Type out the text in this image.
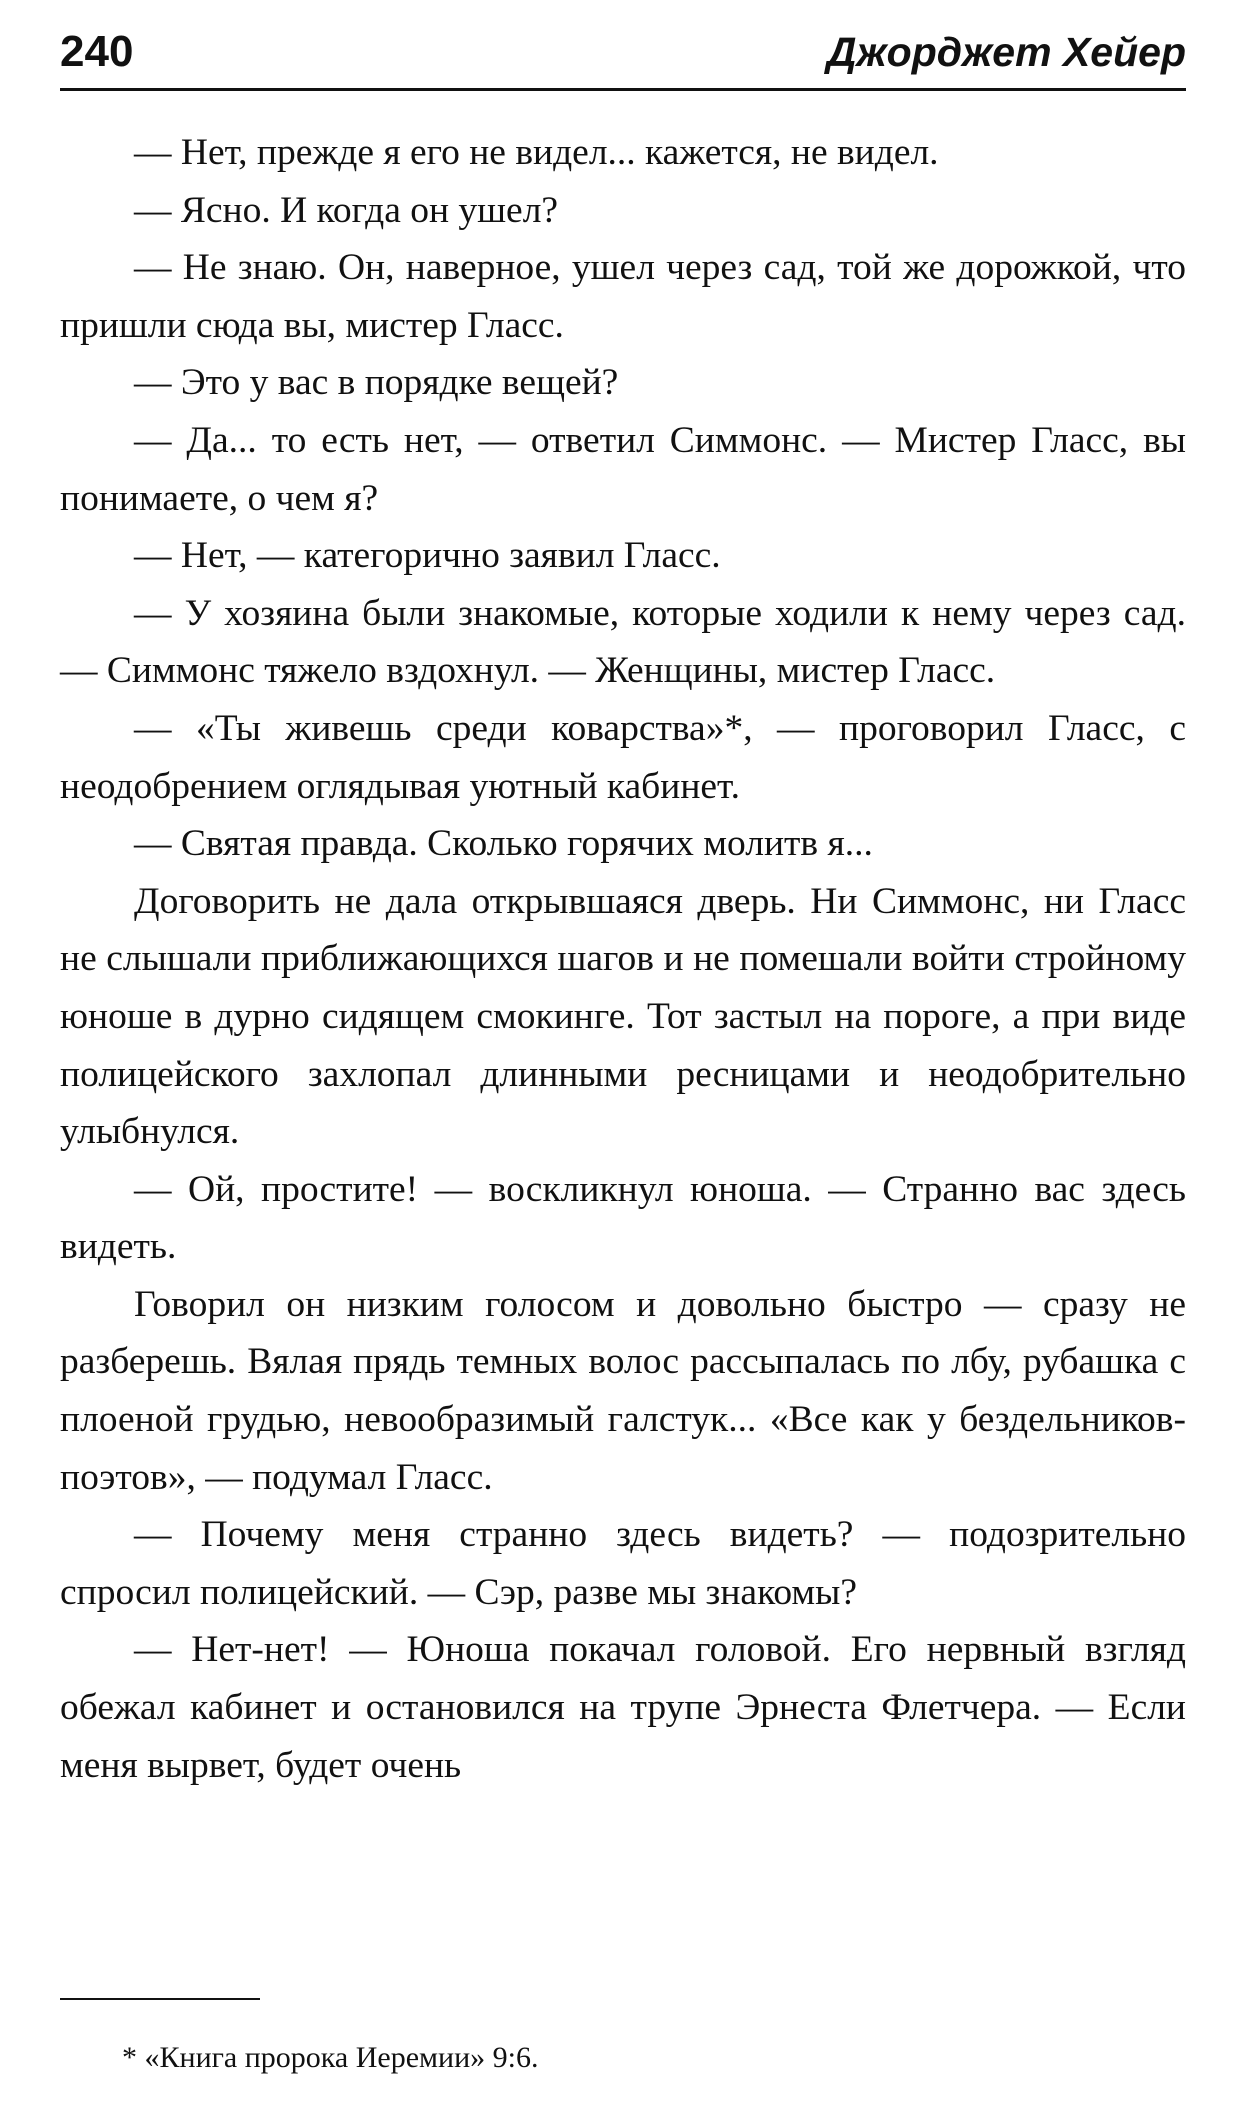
240	Джорджет Хейер

— Нет, прежде я его не видел... кажется, не видел.

— Ясно. И когда он ушел?

— Не знаю. Он, наверное, ушел через сад, той же дорожкой, что пришли сюда вы, мистер Гласс.

— Это у вас в порядке вещей?

— Да... то есть нет, — ответил Симмонс. — Мистер Гласс, вы понимаете, о чем я?

— Нет, — категорично заявил Гласс.

— У хозяина были знакомые, которые ходили к нему через сад. — Симмонс тяжело вздохнул. — Женщины, мистер Гласс.

— «Ты живешь среди коварства»*, — проговорил Гласс, с неодобрением оглядывая уютный кабинет.

— Святая правда. Сколько горячих молитв я...

Договорить не дала открывшаяся дверь. Ни Симмонс, ни Гласс не слышали приближающихся шагов и не помешали войти стройному юноше в дурно сидящем смокинге. Тот застыл на пороге, а при виде полицейского захлопал длинными ресницами и неодобрительно улыбнулся.

— Ой, простите! — воскликнул юноша. — Странно вас здесь видеть.

Говорил он низким голосом и довольно быстро — сразу не разберешь. Вялая прядь темных волос рассыпалась по лбу, рубашка с плоеной грудью, невообразимый галстук... «Все как у бездельников-поэтов», — подумал Гласс.

— Почему меня странно здесь видеть? — подозрительно спросил полицейский. — Сэр, разве мы знакомы?

— Нет-нет! — Юноша покачал головой. Его нервный взгляд обежал кабинет и остановился на трупе Эрнеста Флетчера. — Если меня вырвет, будет очень

* «Книга пророка Иеремии» 9:6.
